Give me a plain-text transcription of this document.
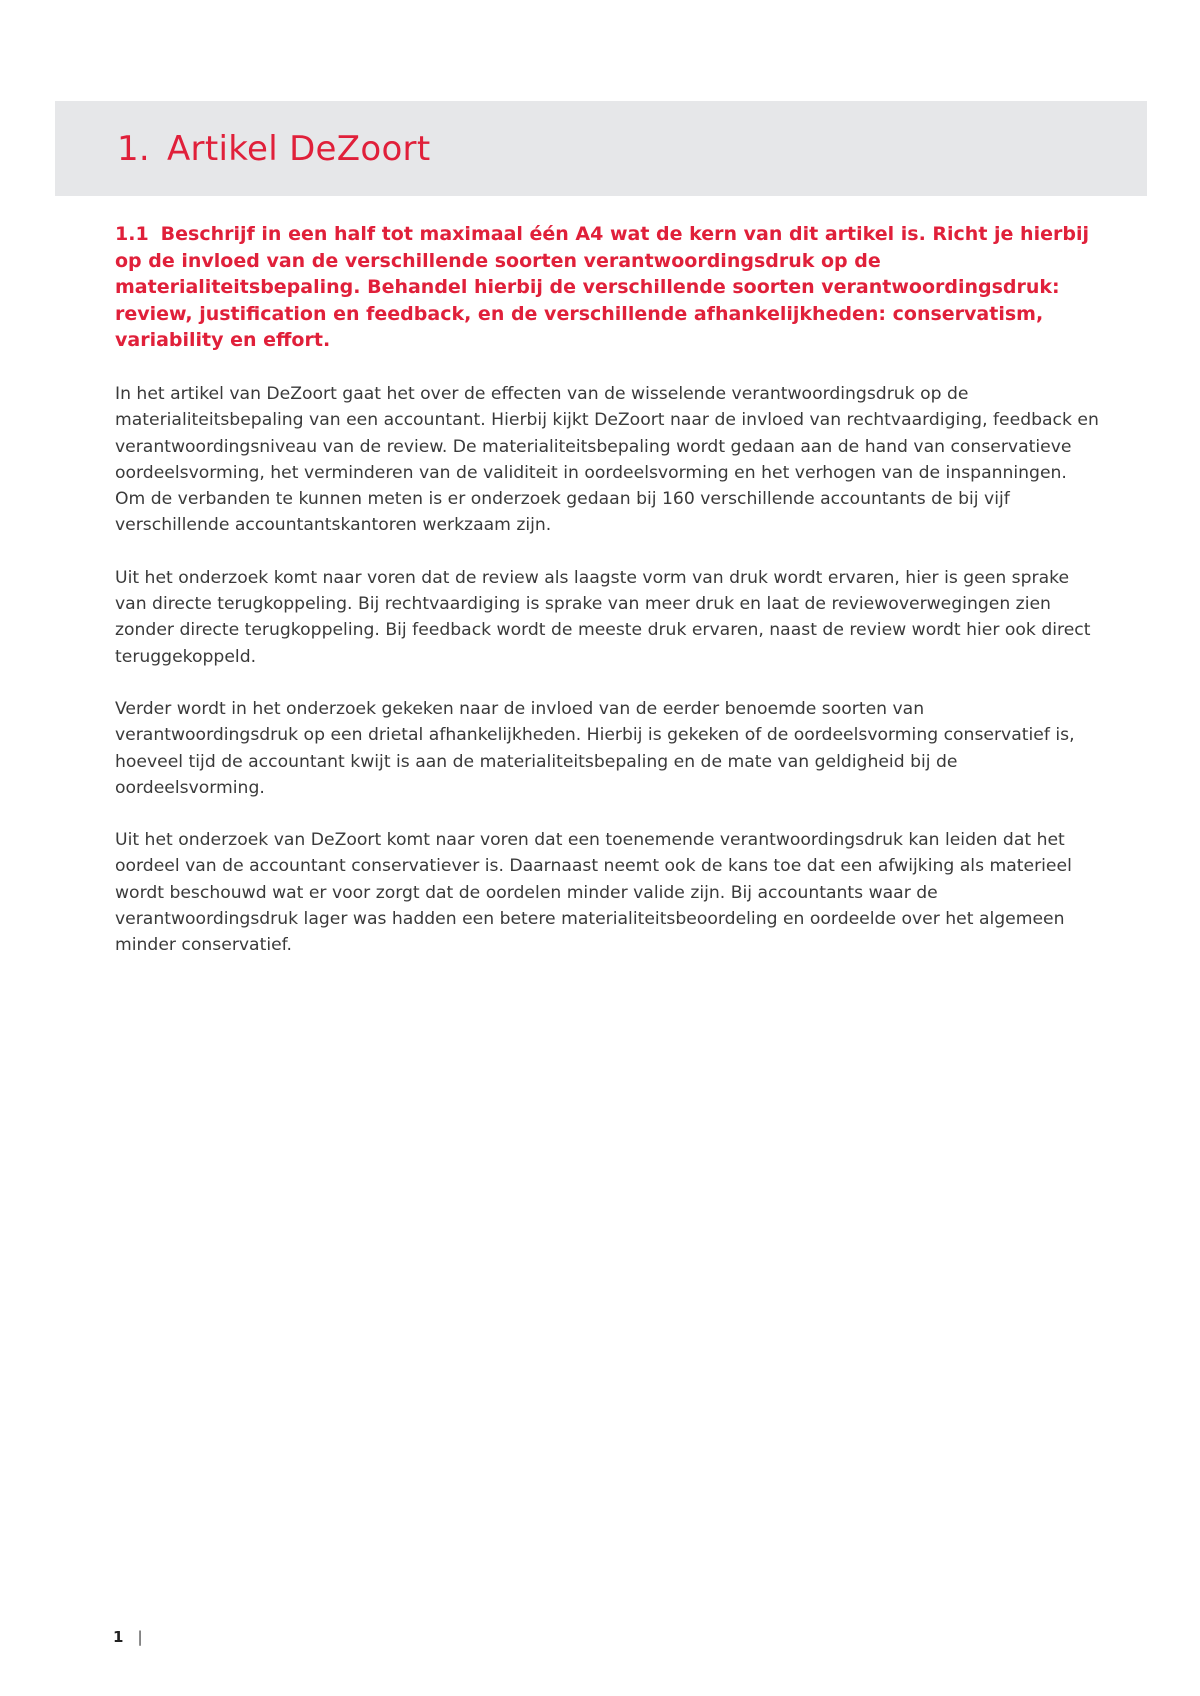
1. Artikel DeZoort
1.1 Beschrijf in een half tot maximaal één A4 wat de kern van dit artikel is. Richt je hierbij op de invloed van de verschillende soorten verantwoordingsdruk op de materialiteitsbepaling. Behandel hierbij de verschillende soorten verantwoordingsdruk: review, justification en feedback, en de verschillende afhankelijkheden: conservatism, variability en effort.

In het artikel van DeZoort gaat het over de effecten van de wisselende verantwoordingsdruk op de materialiteitsbepaling van een accountant. Hierbij kijkt DeZoort naar de invloed van rechtvaardiging, feedback en verantwoordingsniveau van de review. De materialiteitsbepaling wordt gedaan aan de hand van conservatieve oordeelsvorming, het verminderen van de validiteit in oordeelsvorming en het verhogen van de inspanningen. Om de verbanden te kunnen meten is er onderzoek gedaan bij 160 verschillende accountants de bij vijf verschillende accountantskantoren werkzaam zijn.

Uit het onderzoek komt naar voren dat de review als laagste vorm van druk wordt ervaren, hier is geen sprake van directe terugkoppeling. Bij rechtvaardiging is sprake van meer druk en laat de reviewoverwegingen zien zonder directe terugkoppeling. Bij feedback wordt de meeste druk ervaren, naast de review wordt hier ook direct teruggekoppeld.

Verder wordt in het onderzoek gekeken naar de invloed van de eerder benoemde soorten van verantwoordingsdruk op een drietal afhankelijkheden. Hierbij is gekeken of de oordeelsvorming conservatief is, hoeveel tijd de accountant kwijt is aan de materialiteitsbepaling en de mate van geldigheid bij de oordeelsvorming.

Uit het onderzoek van DeZoort komt naar voren dat een toenemende verantwoordingsdruk kan leiden dat het oordeel van de accountant conservatiever is. Daarnaast neemt ook de kans toe dat een afwijking als materieel wordt beschouwd wat er voor zorgt dat de oordelen minder valide zijn. Bij accountants waar de verantwoordingsdruk lager was hadden een betere materialiteitsbeoordeling en oordeelde over het algemeen minder conservatief.

1 |
